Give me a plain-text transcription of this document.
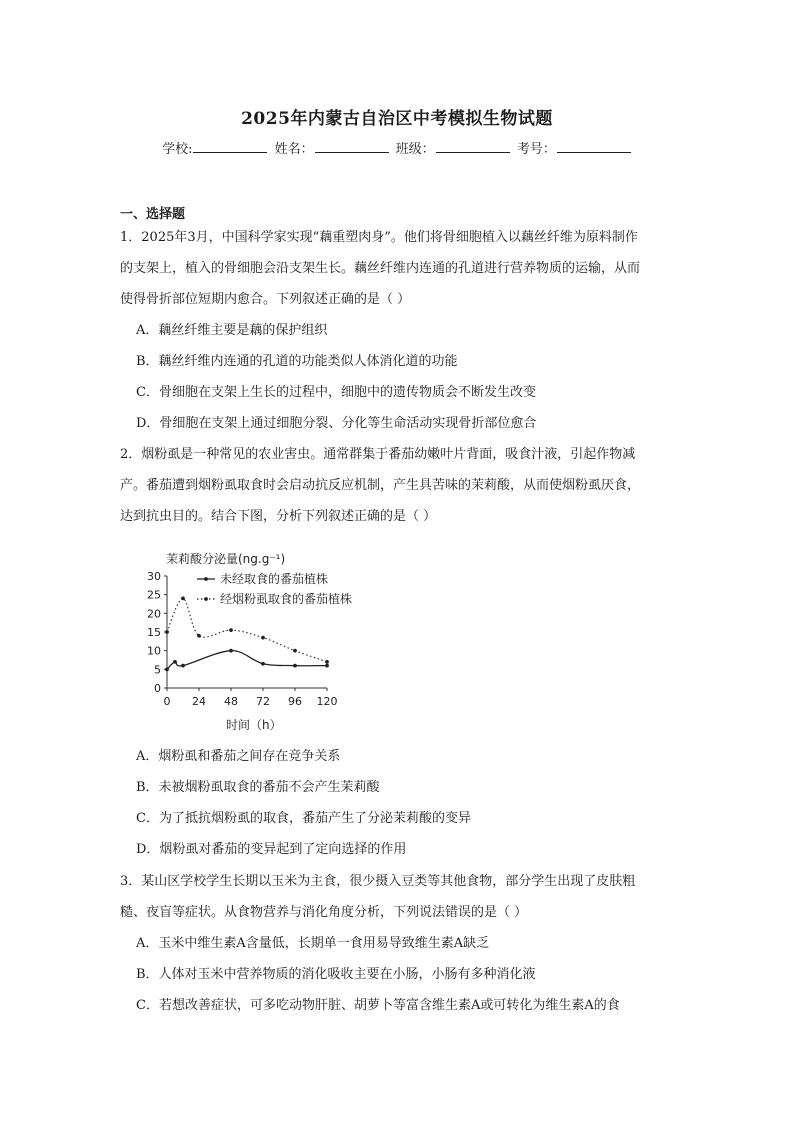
2025年内蒙古自治区中考模拟生物试题
学校:	姓名：	班级：	考号：
一、选择题

1．2025年3月，中国科学家实现“藕重塑肉身”。他们将骨细胞植入以藕丝纤维为原料制作

的支架上，植入的骨细胞会沿支架生长。藕丝纤维内连通的孔道进行营养物质的运输，从而

使得骨折部位短期内愈合。下列叙述正确的是（ ）

A．藕丝纤维主要是藕的保护组织

B．藕丝纤维内连通的孔道的功能类似人体消化道的功能

C．骨细胞在支架上生长的过程中，细胞中的遗传物质会不断发生改变

D．骨细胞在支架上通过细胞分裂、分化等生命活动实现骨折部位愈合

2．烟粉虱是一种常见的农业害虫。通常群集于番茄幼嫩叶片背面，吸食汁液，引起作物减

产。番茄遭到烟粉虱取食时会启动抗反应机制，产生具苦味的茉莉酸，从而使烟粉虱厌食，

达到抗虫目的。结合下图，分析下列叙述正确的是（ ）

0
5
10
15
20
25
30
0 24 48 72 96 120
未经取食的番茄植株
经烟粉虱取食的番茄植株
茉莉酸分泌量(ng.g⁻¹)
时间（h）

A．烟粉虱和番茄之间存在竞争关系

B．未被烟粉虱取食的番茄不会产生茉莉酸

C．为了抵抗烟粉虱的取食，番茄产生了分泌茉莉酸的变异

D．烟粉虱对番茄的变异起到了定向选择的作用

3．某山区学校学生长期以玉米为主食，很少摄入豆类等其他食物，部分学生出现了皮肤粗

糙、夜盲等症状。从食物营养与消化角度分析，下列说法错误的是（ ）

A．玉米中维生素A含量低，长期单一食用易导致维生素A缺乏

B．人体对玉米中营养物质的消化吸收主要在小肠，小肠有多种消化液

C．若想改善症状，可多吃动物肝脏、胡萝卜等富含维生素A或可转化为维生素A的食
